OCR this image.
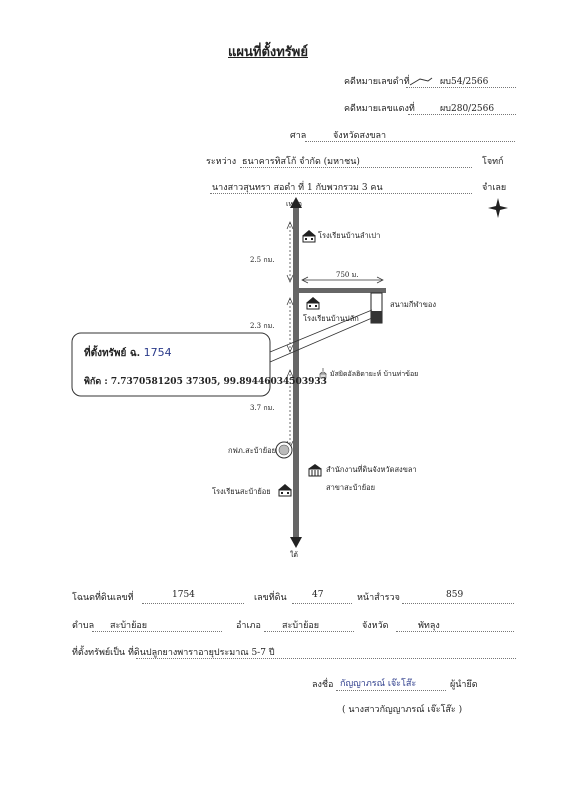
แผนที่ตั้งทรัพย์
คดีหมายเลขดำที่	ผบ54/2566
คดีหมายเลขแดงที่	ผบ280/2566
ศาล	จังหวัดสงขลา
ระหว่าง ธนาคารทิสโก้ จำกัด (มหาชน)	โจทก์
นางสาวสุนทรา สอดำ ที่ 1 กับพวกรวม 3 คน	จำเลย
เหนือ
ใต้
2.5 กม.
2.3 กม.
3.7 กม.
750 ม.
โรงเรียนบ้านลำเปา
โรงเรียนบ้านปลัก
โรงเรียนสะบ้าย้อย
สนามกีฬาของ
มัสยิดอัลฮิดายะห์ บ้านท่าข้อย
กฟภ.สะบ้าย้อย
สำนักงานที่ดินจังหวัดสงขลา
สาขาสะบ้าย้อย
ที่ตั้งทรัพย์ ฉ. 1754
พิกัด : 7.7370581205 37305, 99.89446034503933
โฉนดที่ดินเลขที่	1754	เลขที่ดิน	47	หน้าสำรวจ	859
ตำบล สะบ้าย้อย	อำเภอ สะบ้าย้อย	จังหวัด	พัทลุง
ที่ตั้งทรัพย์เป็น ที่ดินปลูกยางพาราอายุประมาณ 5-7 ปี
ลงชื่อ กัญญาภรณ์ เจ๊ะโส๊ะ	ผู้นำยึด
( นางสาวกัญญาภรณ์ เจ๊ะโส๊ะ )
